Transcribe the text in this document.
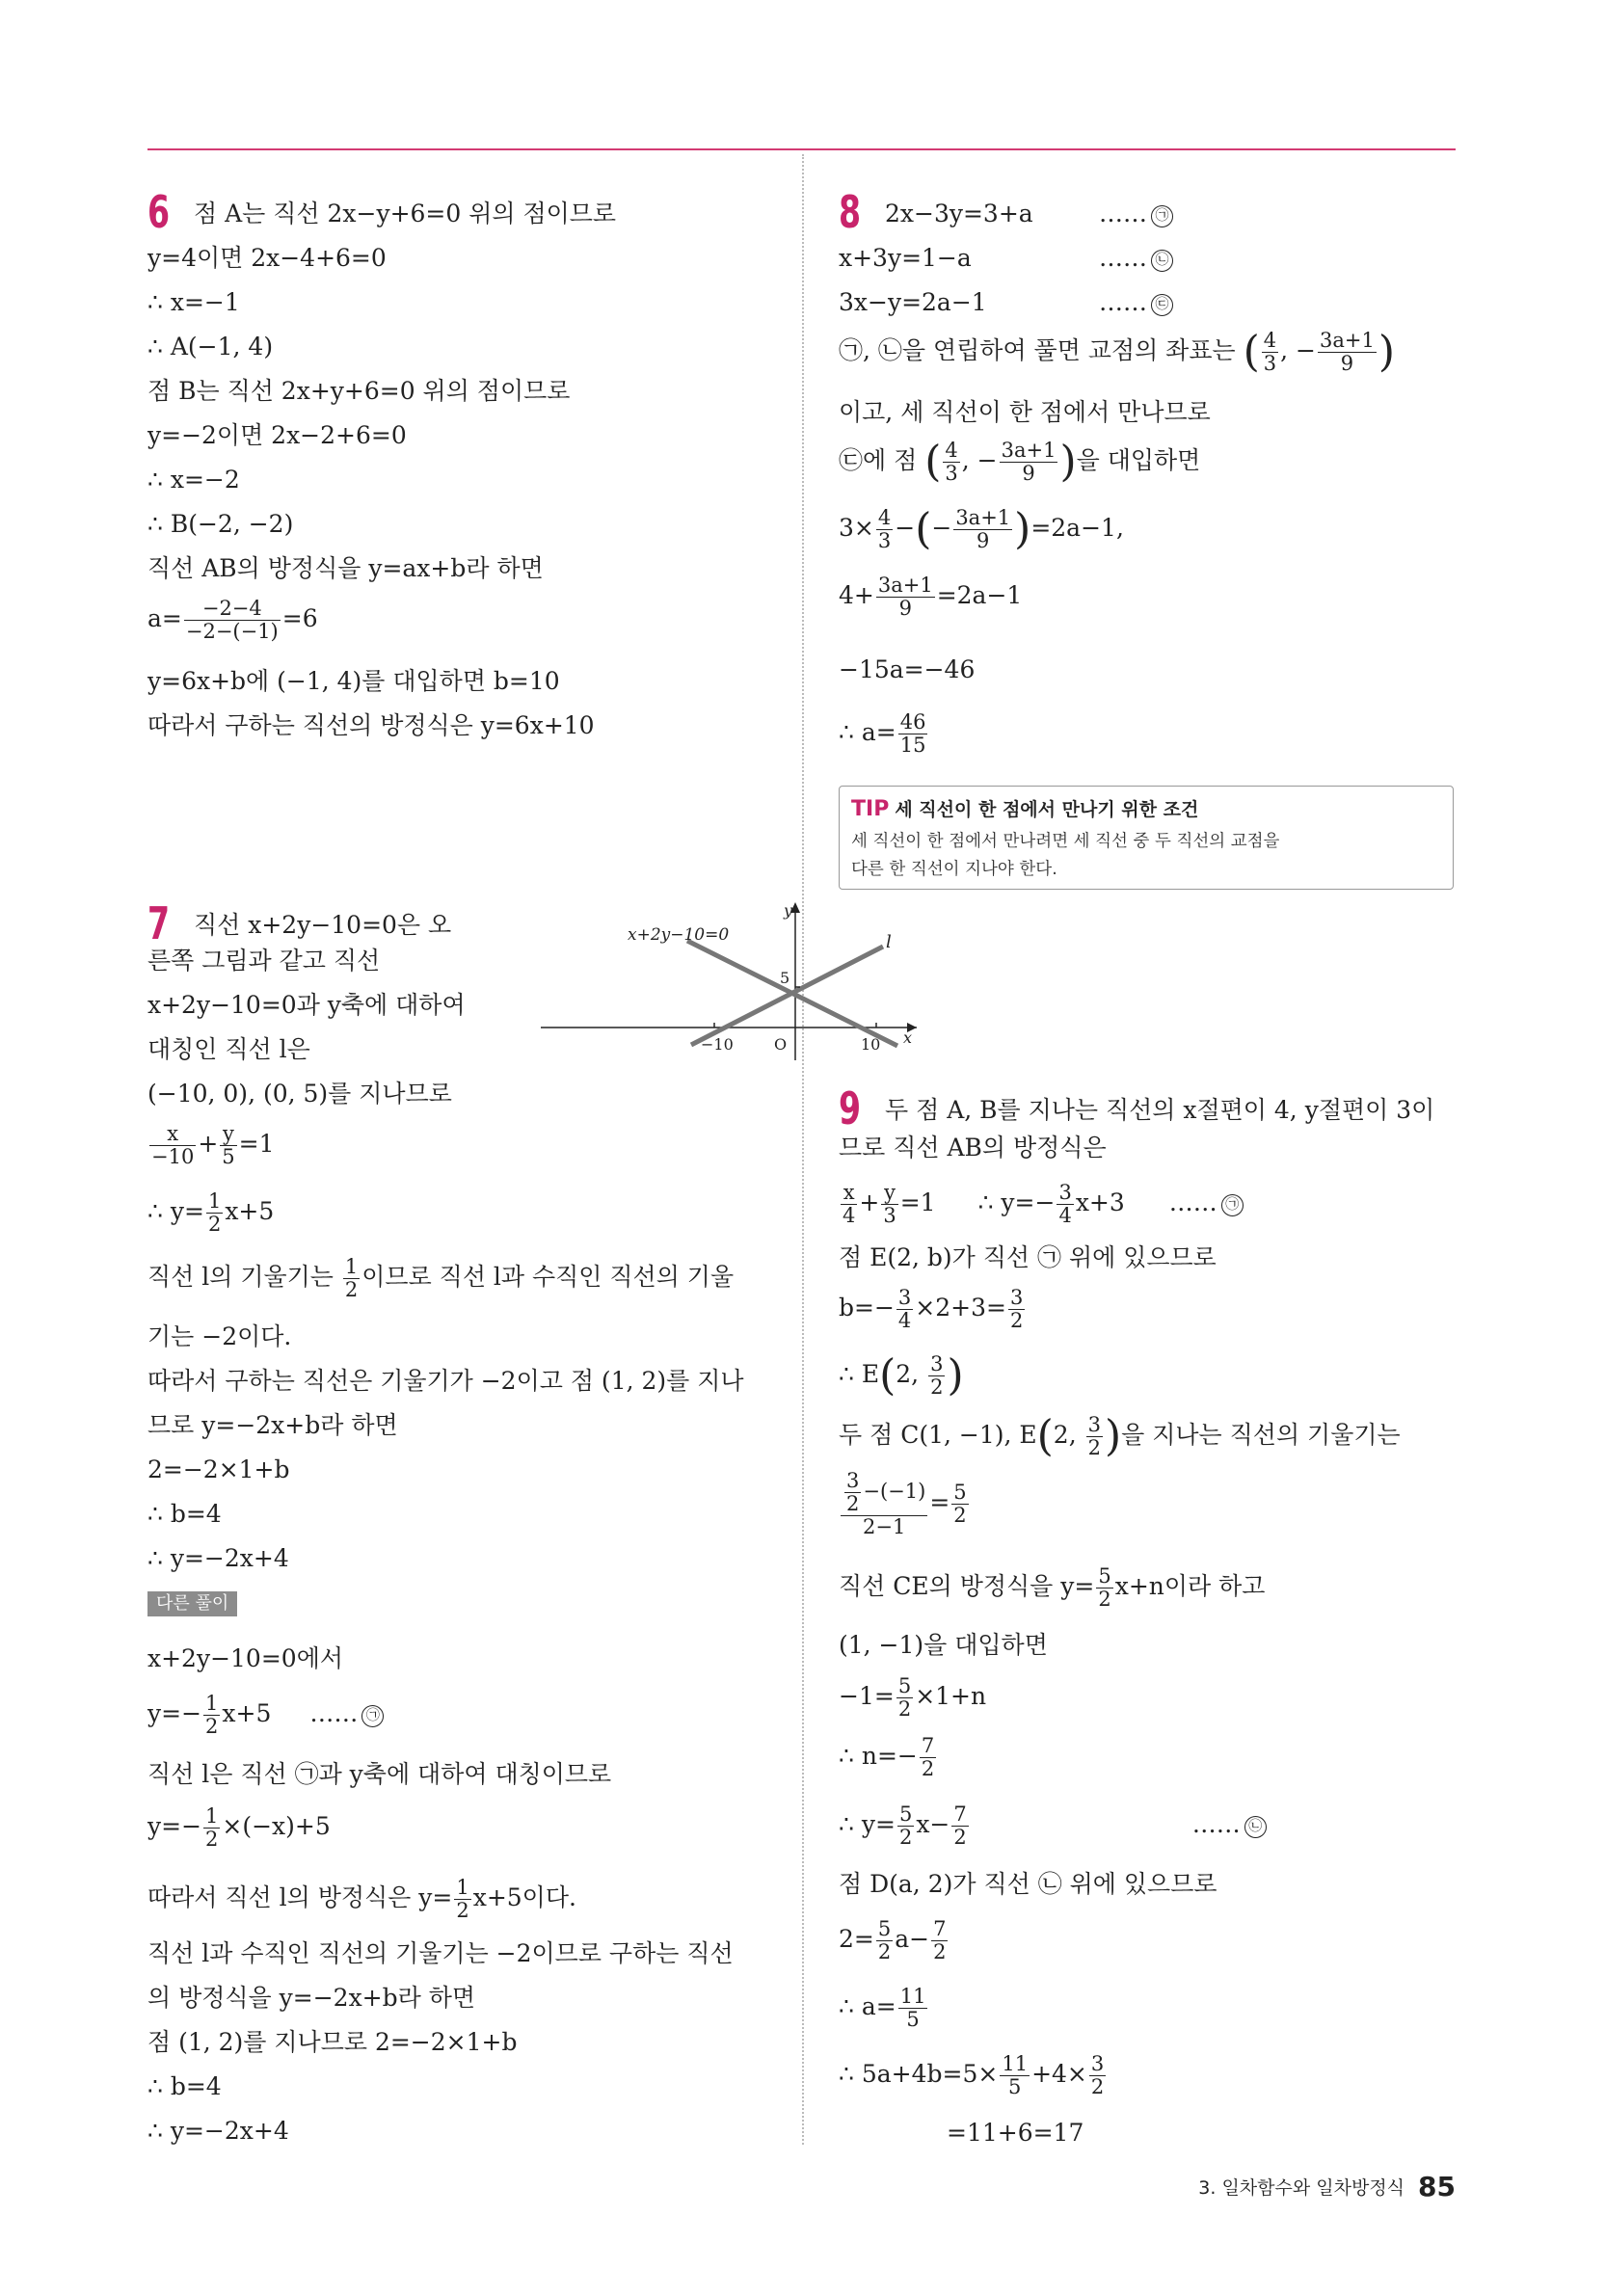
6 점 A는 직선 2x−y+6=0 위의 점이므로
y=4이면 2x−4+6=0
∴ x=−1
∴ A(−1, 4)
점 B는 직선 2x+y+6=0 위의 점이므로
y=−2이면 2x−2+6=0
∴ x=−2
∴ B(−2, −2)
직선 AB의 방정식을 y=ax+b라 하면
$a= \frac{-2-4}{-2-(-1)} =6$
y=6x+b에 (−1, 4)를 대입하면 b=10
따라서 구하는 직선의 방정식은 y=6x+10
7 직선 x+2y−10=0은 오
른쪽 그림과 같고 직선
x+2y−10=0과 y축에 대하여
대칭인 직선 l은
(−10, 0), (0, 5)를 지나므로
$\frac{x}{-10} + \frac{y}{5} =1$
∴ $y= \frac{1}{2} x+5$
직선 l의 기울기는 $\frac{1}{2}$ 이므로 직선 l과 수직인 직선의 기울
기는 −2이다.
따라서 구하는 직선은 기울기가 −2이고 점 (1, 2)를 지나
므로 y=−2x+b라 하면
2=−2×1+b
∴ b=4
∴ y=−2x+4
다른 풀이
x+2y−10=0에서
$y=- \frac{1}{2} x+5$ …… ㉠
직선 l은 직선 ㉠과 y축에 대하여 대칭이므로
$y=- \frac{1}{2} \times(-x)+5$
따라서 직선 l의 방정식은 $y= \frac{1}{2} x+5$이다.
직선 l과 수직인 직선의 기울기는 −2이므로 구하는 직선
의 방정식을 y=−2x+b라 하면
점 (1, 2)를 지나므로 2=−2×1+b
∴ b=4
∴ y=−2x+4
x+2y−10=0	l
y
x
O
5
−10	10
8 2x−3y=3+a	…… ㉠
x+3y=1−a	…… ㉡
3x−y=2a−1	…… ㉢
㉠, ㉡을 연립하여 풀면 교점의 좌표는 ( $\frac{4}{3}$ , − $\frac{3a+1}{9}$ )
이고, 세 직선이 한 점에서 만나므로
㉢에 점 ( $\frac{4}{3}$ , − $\frac{3a+1}{9}$ )을 대입하면
$3\times \frac{4}{3}$ −(− $\frac{3a+1}{9} )=2a-1$,
$4+ \frac{3a+1}{9} =2a-1$
−15a=−46
∴ $a= \frac{46}{15}$
TIP 세 직선이 한 점에서 만나기 위한 조건
세 직선이 한 점에서 만나려면 세 직선 중 두 직선의 교점을
다른 한 직선이 지나야 한다.
9 두 점 A, B를 지나는 직선의 x절편이 4, y절편이 3이
므로 직선 AB의 방정식은
$\frac{x}{4} + \frac{y}{3} =1$ ∴ $y=- \frac{3}{4} x+3$ …… ㉠
점 E(2, b)가 직선 ㉠ 위에 있으므로
$b=- \frac{3}{4} \times 2+3= \frac{3}{2}$
∴ E(2, $\frac{3}{2}$ )
두 점 C(1, −1), E(2, $\frac{3}{2}$ )을 지나는 직선의 기울기는
$\frac{\frac{3}{2} -(-1)}{2-1} = \frac{5}{2}$
직선 CE의 방정식을 $y= \frac{5}{2} x+n$이라 하고
(1, −1)을 대입하면
$-1= \frac{5}{2} \times 1+n$
∴ $n=- \frac{7}{2}$
∴ $y= \frac{5}{2} x- \frac{7}{2}$	…… ㉡
점 D(a, 2)가 직선 ㉡ 위에 있으므로
$2= \frac{5}{2} a- \frac{7}{2}$
∴ $a= \frac{11}{5}$
∴ $5a+4b=5\times \frac{11}{5} +4\times \frac{3}{2}$
=11+6=17
3. 일차함수와 일차방정식 85
